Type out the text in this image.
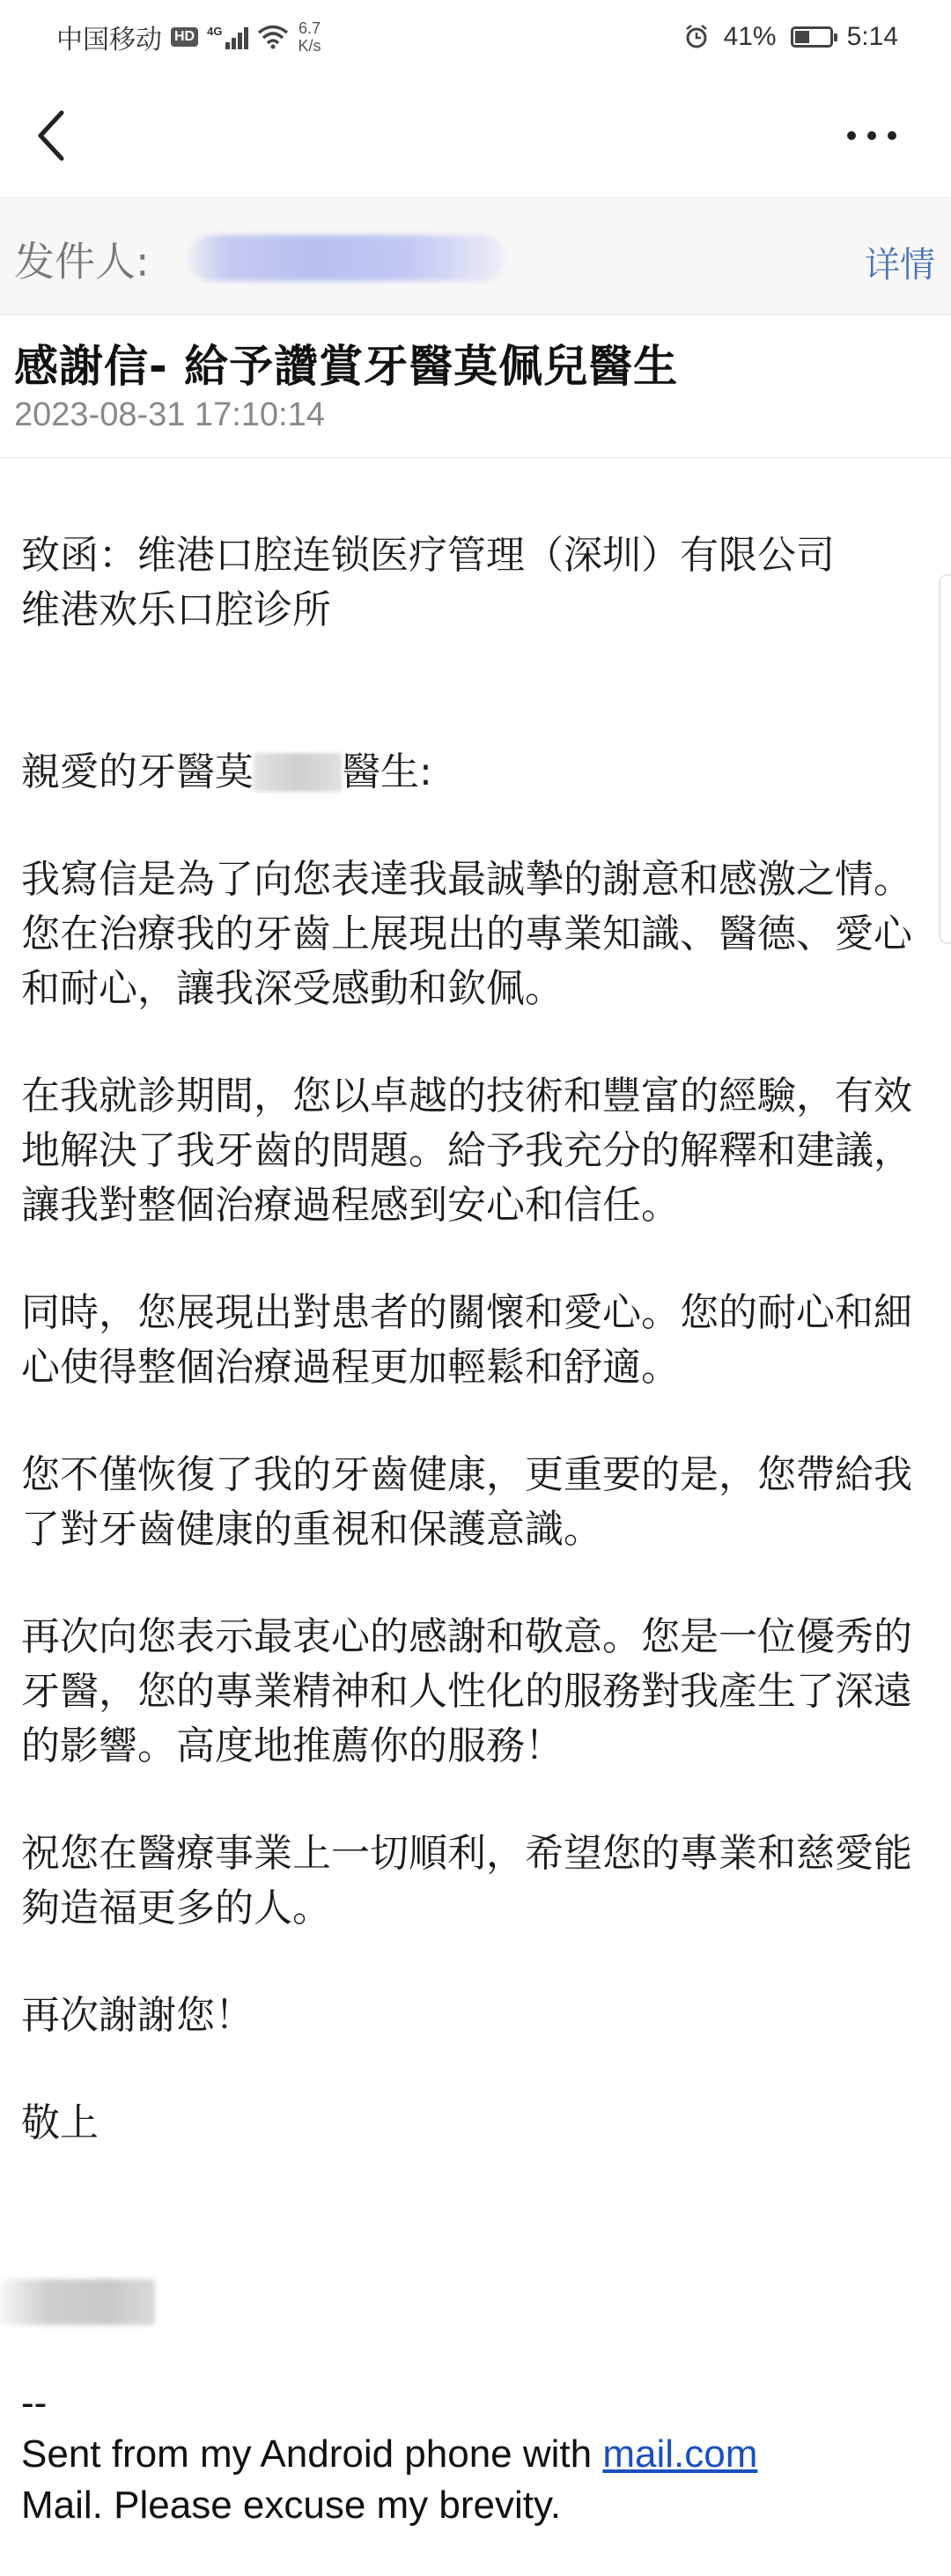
中国移动 HD	4G	6.7
K/s	41%	5:14
发件人:	详情
感謝信- 給予讚賞牙醫莫佩兒醫生
2023-08-31 17:10:14

致函：维港口腔连锁医疗管理（深圳）有限公司
维港欢乐口腔诊所

親愛的牙醫莫 醫生:

我寫信是為了向您表達我最誠摯的謝意和感激之情。您在治療我的牙齒上展現出的專業知識、醫德、愛心和耐心，讓我深受感動和欽佩。

在我就診期間，您以卓越的技術和豐富的經驗，有效地解決了我牙齒的問題。給予我充分的解釋和建議，讓我對整個治療過程感到安心和信任。

同時，您展現出對患者的關懷和愛心。您的耐心和細心使得整個治療過程更加輕鬆和舒適。

您不僅恢復了我的牙齒健康，更重要的是，您帶給我了對牙齒健康的重視和保護意識。

再次向您表示最衷心的感謝和敬意。您是一位優秀的牙醫，您的專業精神和人性化的服務對我產生了深遠的影響。高度地推薦你的服務！

祝您在醫療事業上一切順利，希望您的專業和慈愛能夠造福更多的人。

再次謝謝您！

敬上

--
Sent from my Android phone with mail.com
Mail. Please excuse my brevity.
